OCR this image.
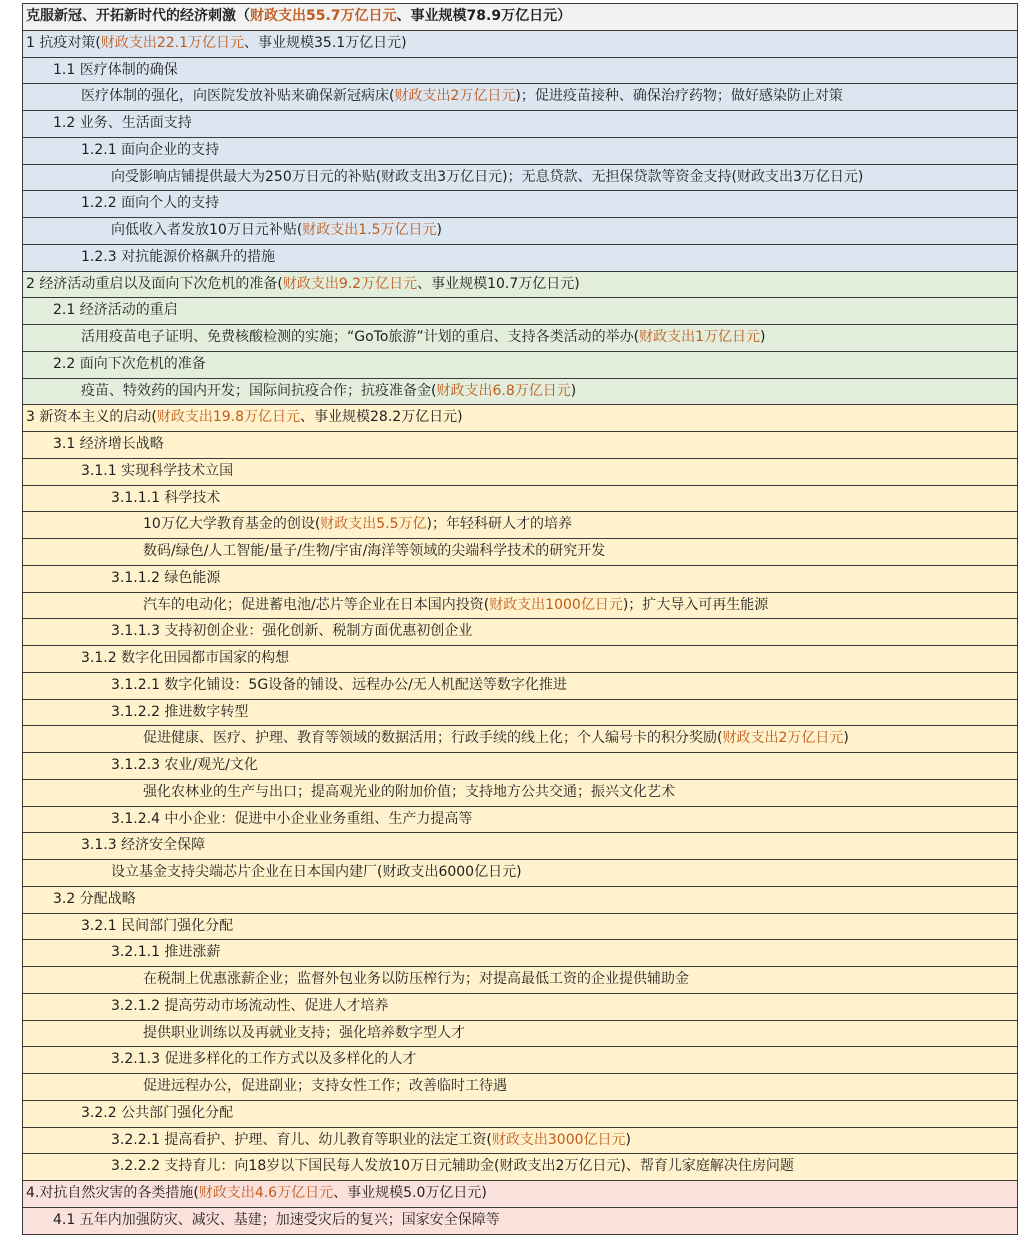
克服新冠、开拓新时代的经济刺激（财政支出55.7万亿日元、事业规模78.9万亿日元）
1 抗疫对策(财政支出22.1万亿日元、事业规模35.1万亿日元)
1.1 医疗体制的确保
医疗体制的强化，向医院发放补贴来确保新冠病床(财政支出2万亿日元)；促进疫苗接种、确保治疗药物；做好感染防止对策
1.2 业务、生活面支持
1.2.1 面向企业的支持
向受影响店铺提供最大为250万日元的补贴(财政支出3万亿日元)；无息贷款、无担保贷款等资金支持(财政支出3万亿日元)
1.2.2 面向个人的支持
向低收入者发放10万日元补贴(财政支出1.5万亿日元)
1.2.3 对抗能源价格飙升的措施
2 经济活动重启以及面向下次危机的准备(财政支出9.2万亿日元、事业规模10.7万亿日元)
2.1 经济活动的重启
活用疫苗电子证明、免费核酸检测的实施；“GoTo旅游”计划的重启、支持各类活动的举办(财政支出1万亿日元)
2.2 面向下次危机的准备
疫苗、特效药的国内开发；国际间抗疫合作；抗疫准备金(财政支出6.8万亿日元)
3 新资本主义的启动(财政支出19.8万亿日元、事业规模28.2万亿日元)
3.1 经济增长战略
3.1.1 实现科学技术立国
3.1.1.1 科学技术
10万亿大学教育基金的创设(财政支出5.5万亿)；年轻科研人才的培养
数码/绿色/人工智能/量子/生物/宇宙/海洋等领域的尖端科学技术的研究开发
3.1.1.2 绿色能源
汽车的电动化；促进蓄电池/芯片等企业在日本国内投资(财政支出1000亿日元)；扩大导入可再生能源
3.1.1.3 支持初创企业：强化创新、税制方面优惠初创企业
3.1.2 数字化田园都市国家的构想
3.1.2.1 数字化铺设：5G设备的铺设、远程办公/无人机配送等数字化推进
3.1.2.2 推进数字转型
促进健康、医疗、护理、教育等领域的数据活用；行政手续的线上化；个人编号卡的积分奖励(财政支出2万亿日元)
3.1.2.3 农业/观光/文化
强化农林业的生产与出口；提高观光业的附加价值；支持地方公共交通；振兴文化艺术
3.1.2.4 中小企业：促进中小企业业务重组、生产力提高等
3.1.3 经济安全保障
设立基金支持尖端芯片企业在日本国内建厂(财政支出6000亿日元)
3.2 分配战略
3.2.1 民间部门强化分配
3.2.1.1 推进涨薪
在税制上优惠涨薪企业；监督外包业务以防压榨行为；对提高最低工资的企业提供辅助金
3.2.1.2 提高劳动市场流动性、促进人才培养
提供职业训练以及再就业支持；强化培养数字型人才
3.2.1.3 促进多样化的工作方式以及多样化的人才
促进远程办公，促进副业；支持女性工作；改善临时工待遇
3.2.2 公共部门强化分配
3.2.2.1 提高看护、护理、育儿、幼儿教育等职业的法定工资(财政支出3000亿日元)
3.2.2.2 支持育儿：向18岁以下国民每人发放10万日元辅助金(财政支出2万亿日元)、帮育儿家庭解决住房问题
4.对抗自然灾害的各类措施(财政支出4.6万亿日元、事业规模5.0万亿日元)
4.1 五年内加强防灾、减灾、基建；加速受灾后的复兴；国家安全保障等
